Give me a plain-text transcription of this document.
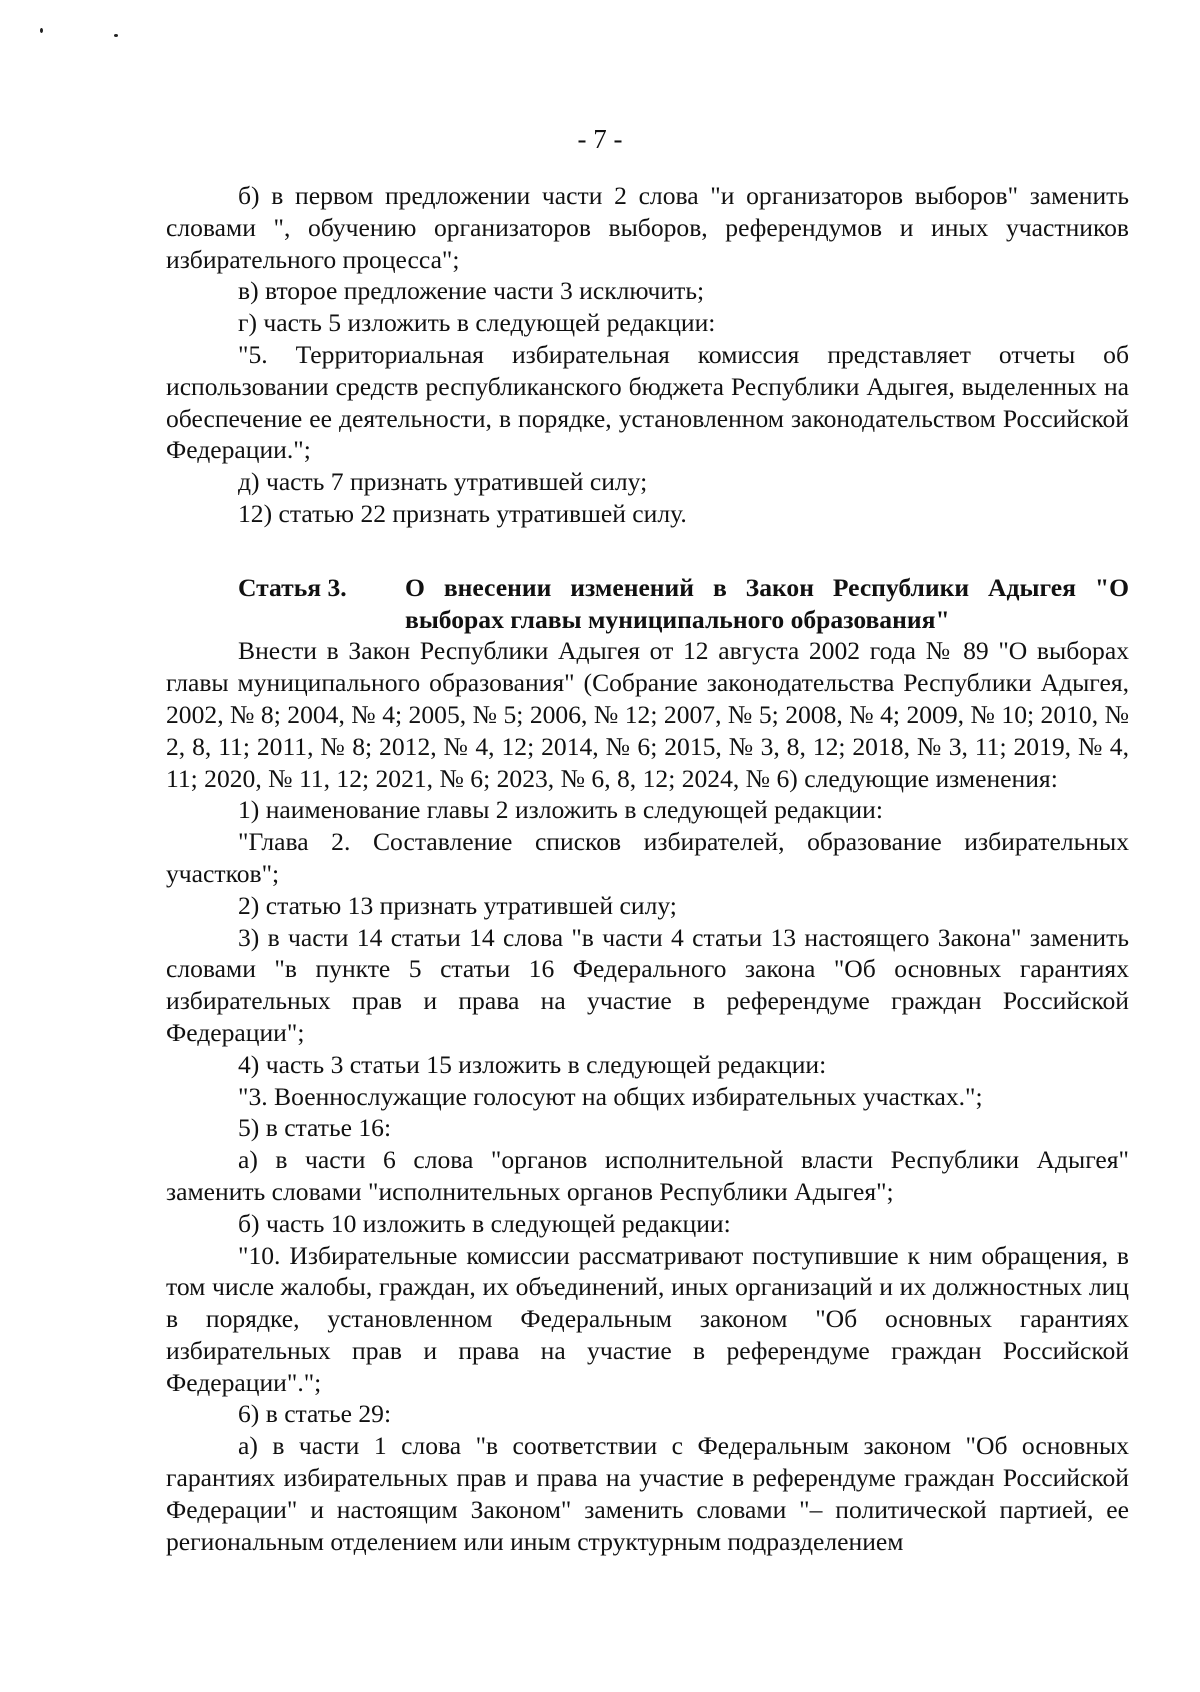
- 7 -

б) в первом предложении части 2 слова "и организаторов выборов" заменить словами ", обучению организаторов выборов, референдумов и иных участников избирательного процесса";

в) второе предложение части 3 исключить;

г) часть 5 изложить в следующей редакции:

"5. Территориальная избирательная комиссия представляет отчеты об использовании средств республиканского бюджета Республики Адыгея, выделенных на обеспечение ее деятельности, в порядке, установленном законодательством Российской Федерации.";

д) часть 7 признать утратившей силу;

12) статью 22 признать утратившей силу.

Статья 3.	О внесении изменений в Закон Республики Адыгея "О выборах главы муниципального образования"

Внести в Закон Республики Адыгея от 12 августа 2002 года № 89 "О выборах главы муниципального образования" (Собрание законодательства Республики Адыгея, 2002, № 8; 2004, № 4; 2005, № 5; 2006, № 12; 2007, № 5; 2008, № 4; 2009, № 10; 2010, № 2, 8, 11; 2011, № 8; 2012, № 4, 12; 2014, № 6; 2015, № 3, 8, 12; 2018, № 3, 11; 2019, № 4, 11; 2020, № 11, 12; 2021, № 6; 2023, № 6, 8, 12; 2024, № 6) следующие изменения:

1) наименование главы 2 изложить в следующей редакции:

"Глава 2. Составление списков избирателей, образование избирательных участков";

2) статью 13 признать утратившей силу;

3) в части 14 статьи 14 слова "в части 4 статьи 13 настоящего Закона" заменить словами "в пункте 5 статьи 16 Федерального закона "Об основных гарантиях избирательных прав и права на участие в референдуме граждан Российской Федерации";

4) часть 3 статьи 15 изложить в следующей редакции:

"3. Военнослужащие голосуют на общих избирательных участках.";

5) в статье 16:

а) в части 6 слова "органов исполнительной власти Республики Адыгея" заменить словами "исполнительных органов Республики Адыгея";

б) часть 10 изложить в следующей редакции:

"10. Избирательные комиссии рассматривают поступившие к ним обращения, в том числе жалобы, граждан, их объединений, иных организаций и их должностных лиц в порядке, установленном Федеральным законом "Об основных гарантиях избирательных прав и права на участие в референдуме граждан Российской Федерации".";

6) в статье 29:

а) в части 1 слова "в соответствии с Федеральным законом "Об основных гарантиях избирательных прав и права на участие в референдуме граждан Российской Федерации" и настоящим Законом" заменить словами "– политической партией, ее региональным отделением или иным структурным подразделением
